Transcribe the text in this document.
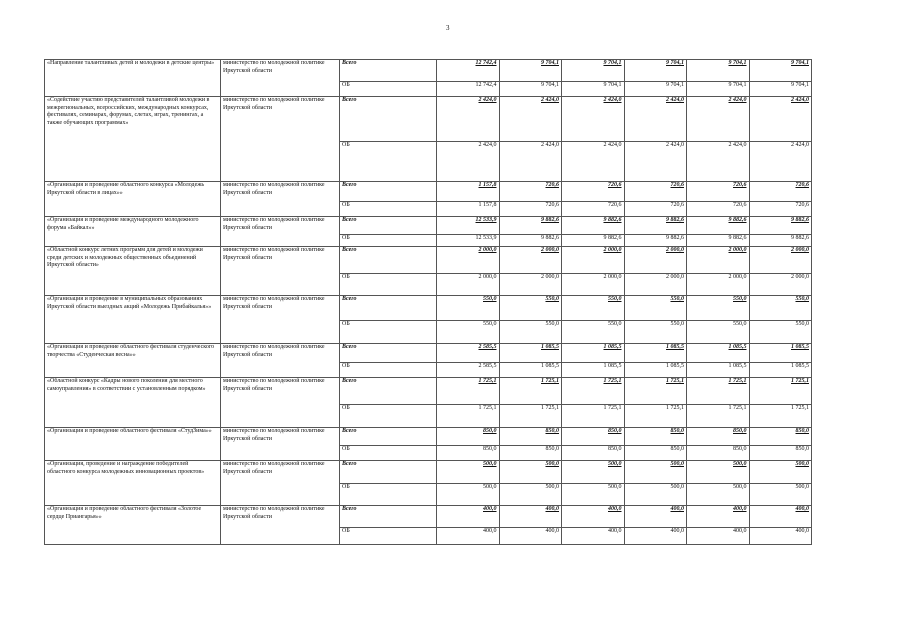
3
«Направление талантливых детей и молодежи в детские центры»	министерство по молодежной политике Иркутской области	Всего	12 742,4	9 704,1	9 704,1	9 704,1	9 704,1	9 704,1
		ОБ	12 742,4	9 704,1	9 704,1	9 704,1	9 704,1	9 704,1
«Содействие участию представителей талантливой молодежи в межрегиональных, всероссийских, международных конкурсах, фестивалях, семинарах, форумах, слетах, играх, тренингах, а также обучающих программах»	министерство по молодежной политике Иркутской области	Всего	2 424,0	2 424,0	2 424,0	2 424,0	2 424,0	2 424,0
		ОБ	2 424,0	2 424,0	2 424,0	2 424,0	2 424,0	2 424,0
«Организация и проведение областного конкурса «Молодежь Иркутской области в лицах»»	министерство по молодежной политике Иркутской области	Всего	1 157,8	720,6	720,6	720,6	720,6	720,6
		ОБ	1 157,8	720,6	720,6	720,6	720,6	720,6
«Организация и проведение международного молодежного форума «Байкал»»	министерство по молодежной политике Иркутской области	Всего	12 533,9	9 882,6	9 882,6	9 882,6	9 882,6	9 882,6
		ОБ	12 533,9	9 882,6	9 882,6	9 882,6	9 882,6	9 882,6
«Областной конкурс летних программ для детей и молодежи среди детских и молодежных общественных объединений Иркутской области»	министерство по молодежной политике Иркутской области	Всего	2 000,0	2 000,0	2 000,0	2 000,0	2 000,0	2 000,0
		ОБ	2 000,0	2 000,0	2 000,0	2 000,0	2 000,0	2 000,0
«Организация и проведение в муниципальных образованиях Иркутской области выездных акций «Молодежь Прибайкалья»»	министерство по молодежной политике Иркутской области	Всего	550,0	550,0	550,0	550,0	550,0	550,0
		ОБ	550,0	550,0	550,0	550,0	550,0	550,0
«Организация и проведение областного фестиваля студенческого творчества «Студенческая весна»»	министерство по молодежной политике Иркутской области	Всего	2 585,5	1 085,5	1 085,5	1 085,5	1 085,5	1 085,5
		ОБ	2 585,5	1 085,5	1 085,5	1 085,5	1 085,5	1 085,5
«Областной конкурс «Кадры нового поколения для местного самоуправления» в соответствии с установленным порядком»	министерство по молодежной политике Иркутской области	Всего	1 725,1	1 725,1	1 725,1	1 725,1	1 725,1	1 725,1
		ОБ	1 725,1	1 725,1	1 725,1	1 725,1	1 725,1	1 725,1
«Организация и проведение областного фестиваля «СтудЗима»»	министерство по молодежной политике Иркутской области	Всего	850,0	850,0	850,0	850,0	850,0	850,0
		ОБ	850,0	850,0	850,0	850,0	850,0	850,0
«Организация, проведение и награждение победителей областного конкурса молодежных инновационных проектов»	министерство по молодежной политике Иркутской области	Всего	500,0	500,0	500,0	500,0	500,0	500,0
		ОБ	500,0	500,0	500,0	500,0	500,0	500,0
«Организация и проведение областного фестиваля «Золотое сердце Приангарья»»	министерство по молодежной политике Иркутской области	Всего	400,0	400,0	400,0	400,0	400,0	400,0
		ОБ	400,0	400,0	400,0	400,0	400,0	400,0
